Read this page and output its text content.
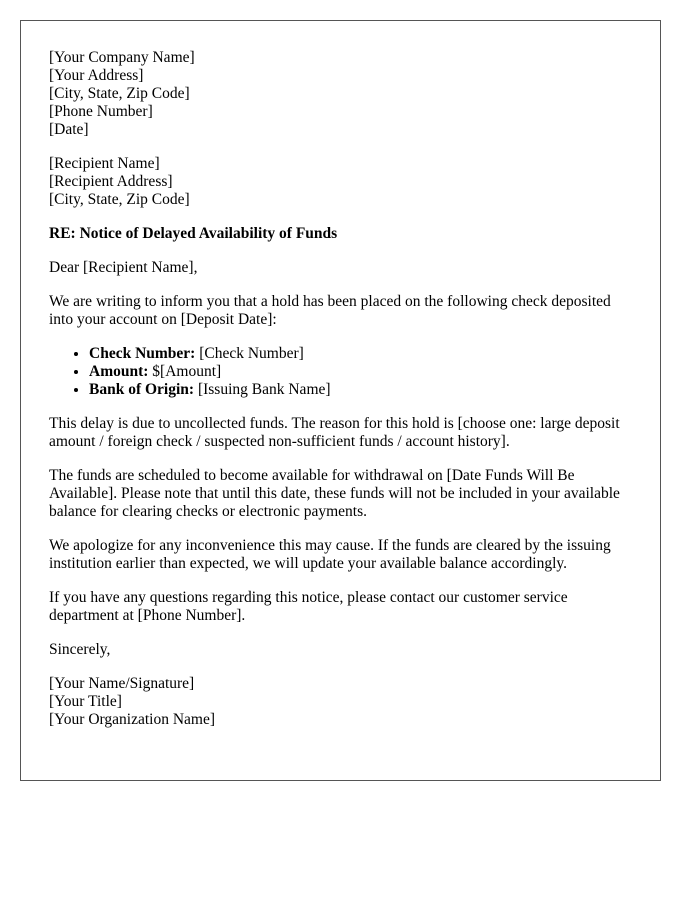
[Your Company Name]
[Your Address]
[City, State, Zip Code]
[Phone Number]
[Date]
[Recipient Name]
[Recipient Address]
[City, State, Zip Code]

RE: Notice of Delayed Availability of Funds

Dear [Recipient Name],

We are writing to inform you that a hold has been placed on the following check deposited into your account on [Deposit Date]:

• Check Number: [Check Number]
• Amount: $[Amount]
• Bank of Origin: [Issuing Bank Name]

This delay is due to uncollected funds. The reason for this hold is [choose one: large deposit amount / foreign check / suspected non-sufficient funds / account history].

The funds are scheduled to become available for withdrawal on [Date Funds Will Be Available]. Please note that until this date, these funds will not be included in your available balance for clearing checks or electronic payments.

We apologize for any inconvenience this may cause. If the funds are cleared by the issuing institution earlier than expected, we will update your available balance accordingly.

If you have any questions regarding this notice, please contact our customer service department at [Phone Number].

Sincerely,

[Your Name/Signature]
[Your Title]
[Your Organization Name]
